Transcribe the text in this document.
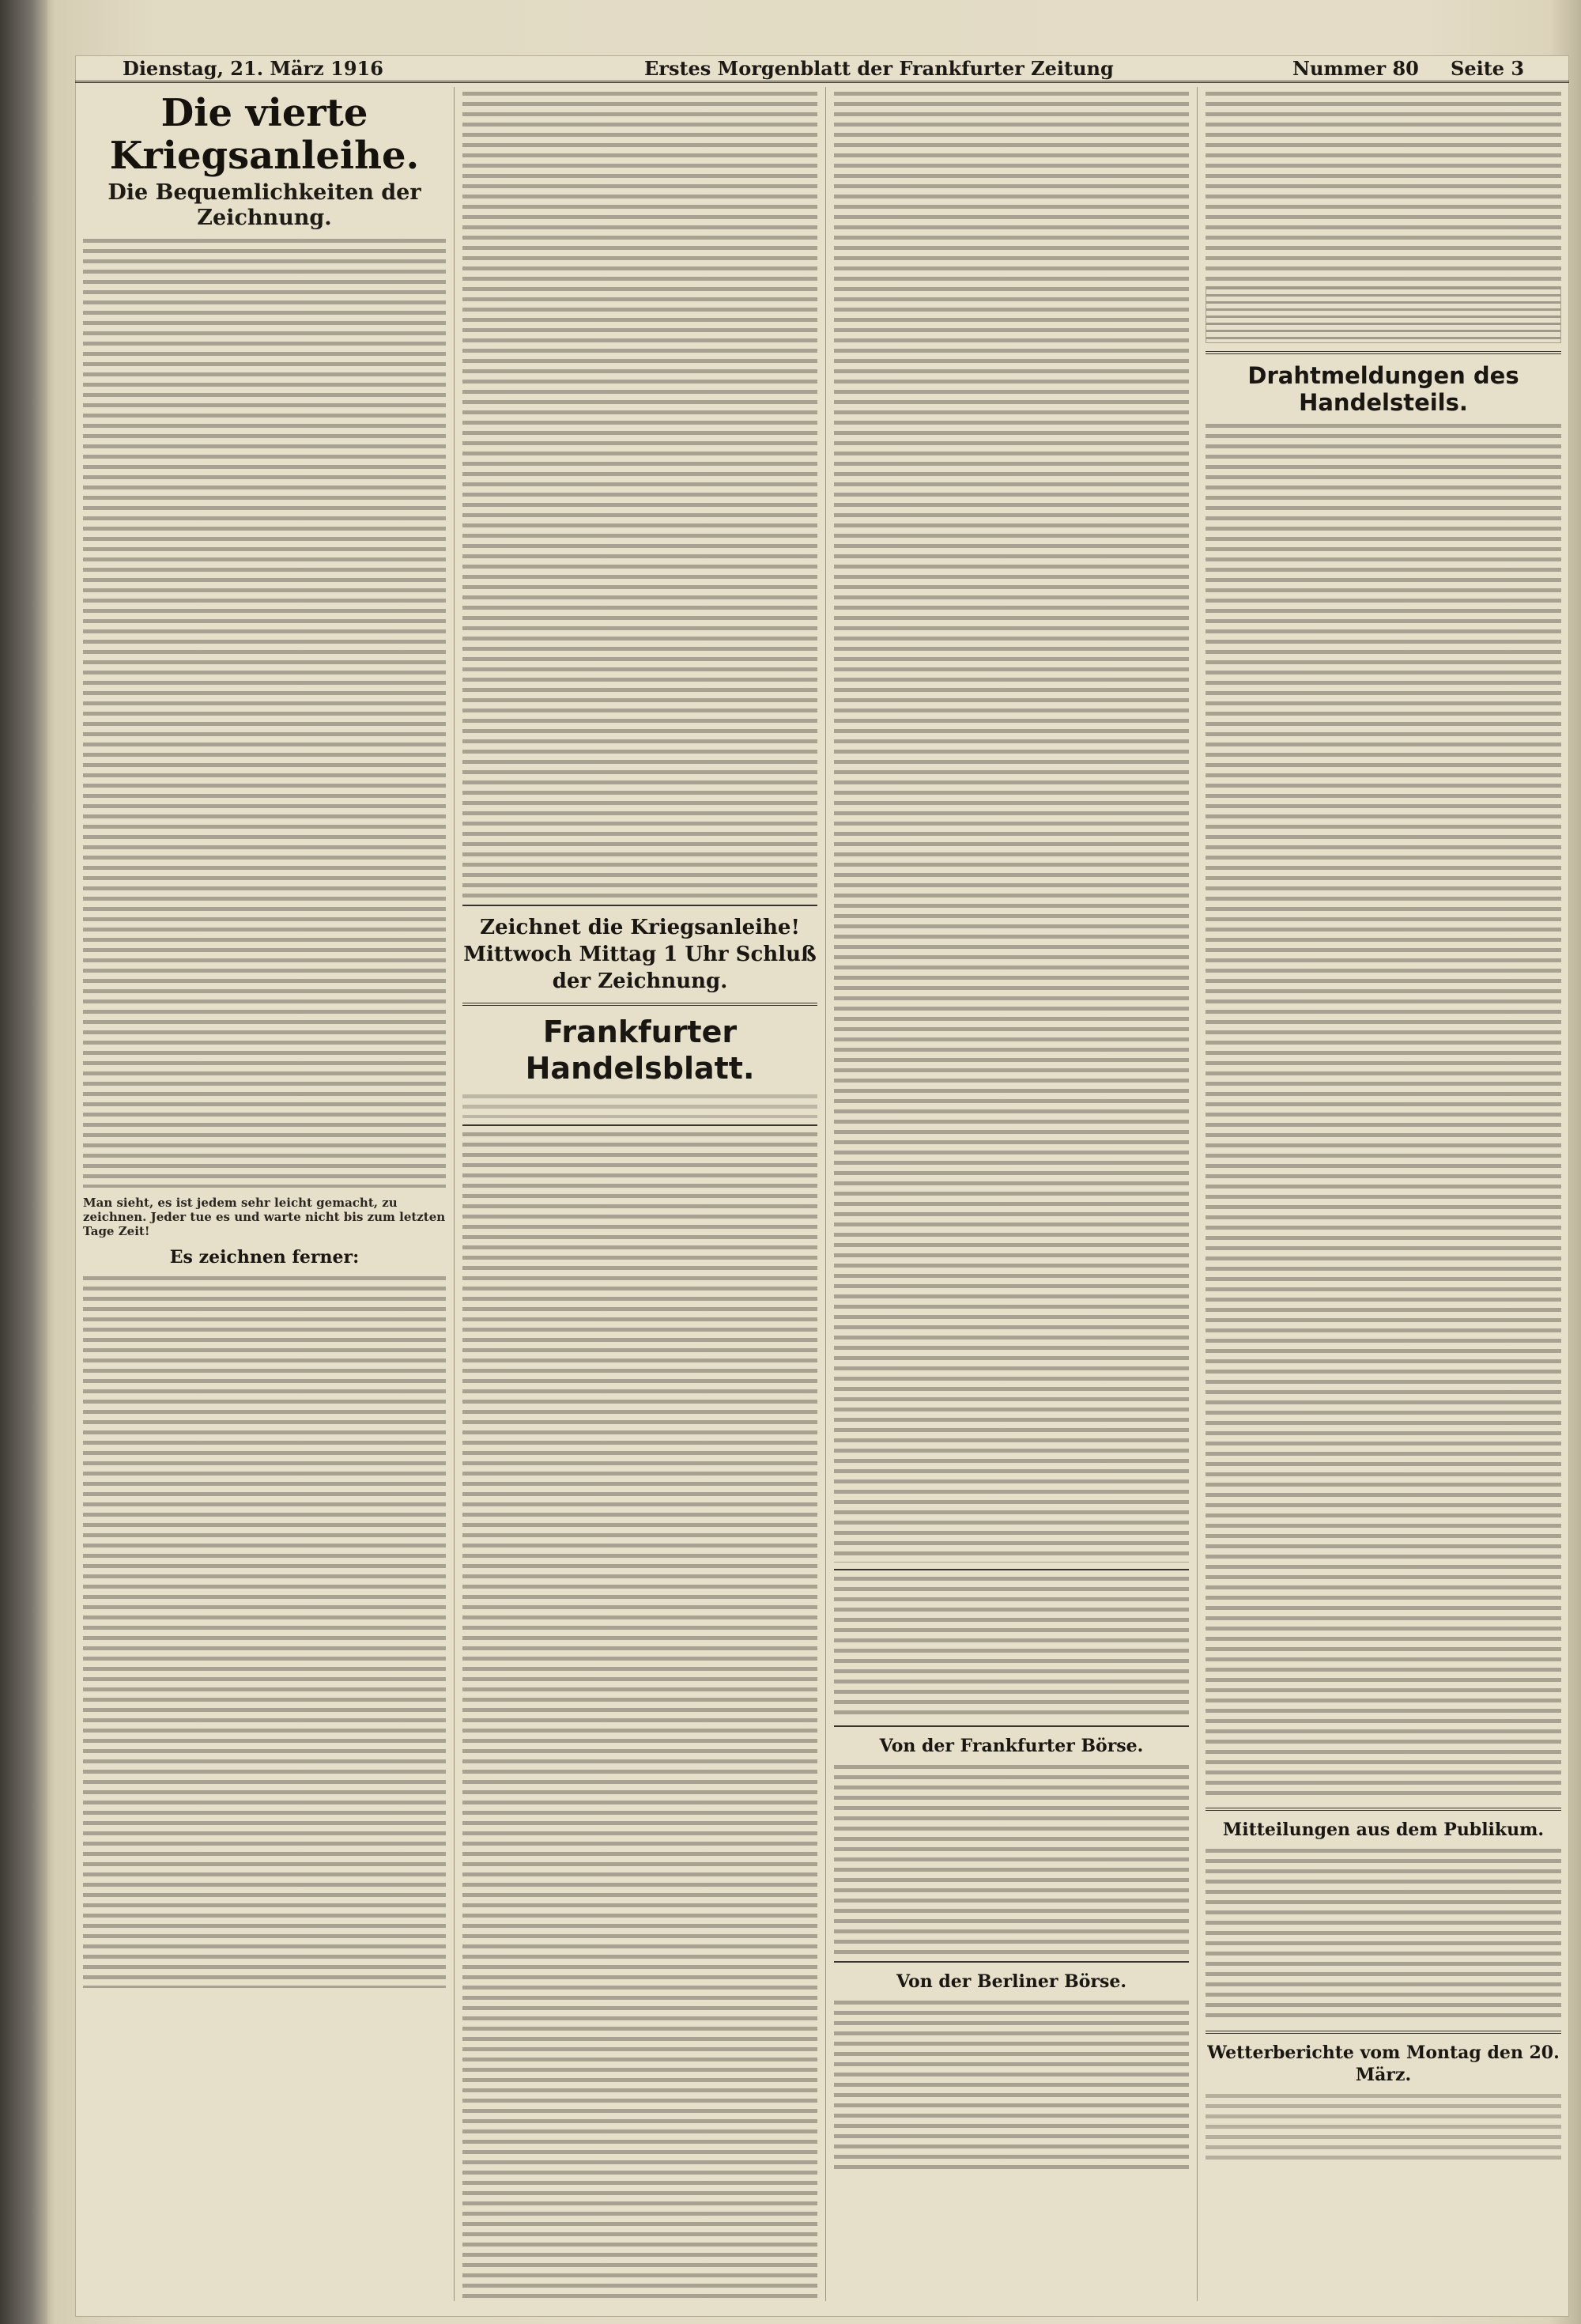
Dienstag, 21. März 1916	Erstes Morgenblatt der Frankfurter Zeitung	Nummer 80 Seite 3
Die vierte Kriegsanleihe.
Die Bequemlichkeiten der Zeichnung.
Man sieht, es ist jedem sehr leicht gemacht, zu zeichnen. Jeder tue es und warte nicht bis zum letzten Tage Zeit!
Es zeichnen ferner:
Zeichnet die Kriegsanleihe! Mittwoch Mittag 1 Uhr Schluß der Zeichnung.
Frankfurter Handelsblatt.
Von der Frankfurter Börse.
Von der Berliner Börse.
Drahtmeldungen des Handelsteils.
Mitteilungen aus dem Publikum.
Wetterberichte vom Montag den 20. März.
